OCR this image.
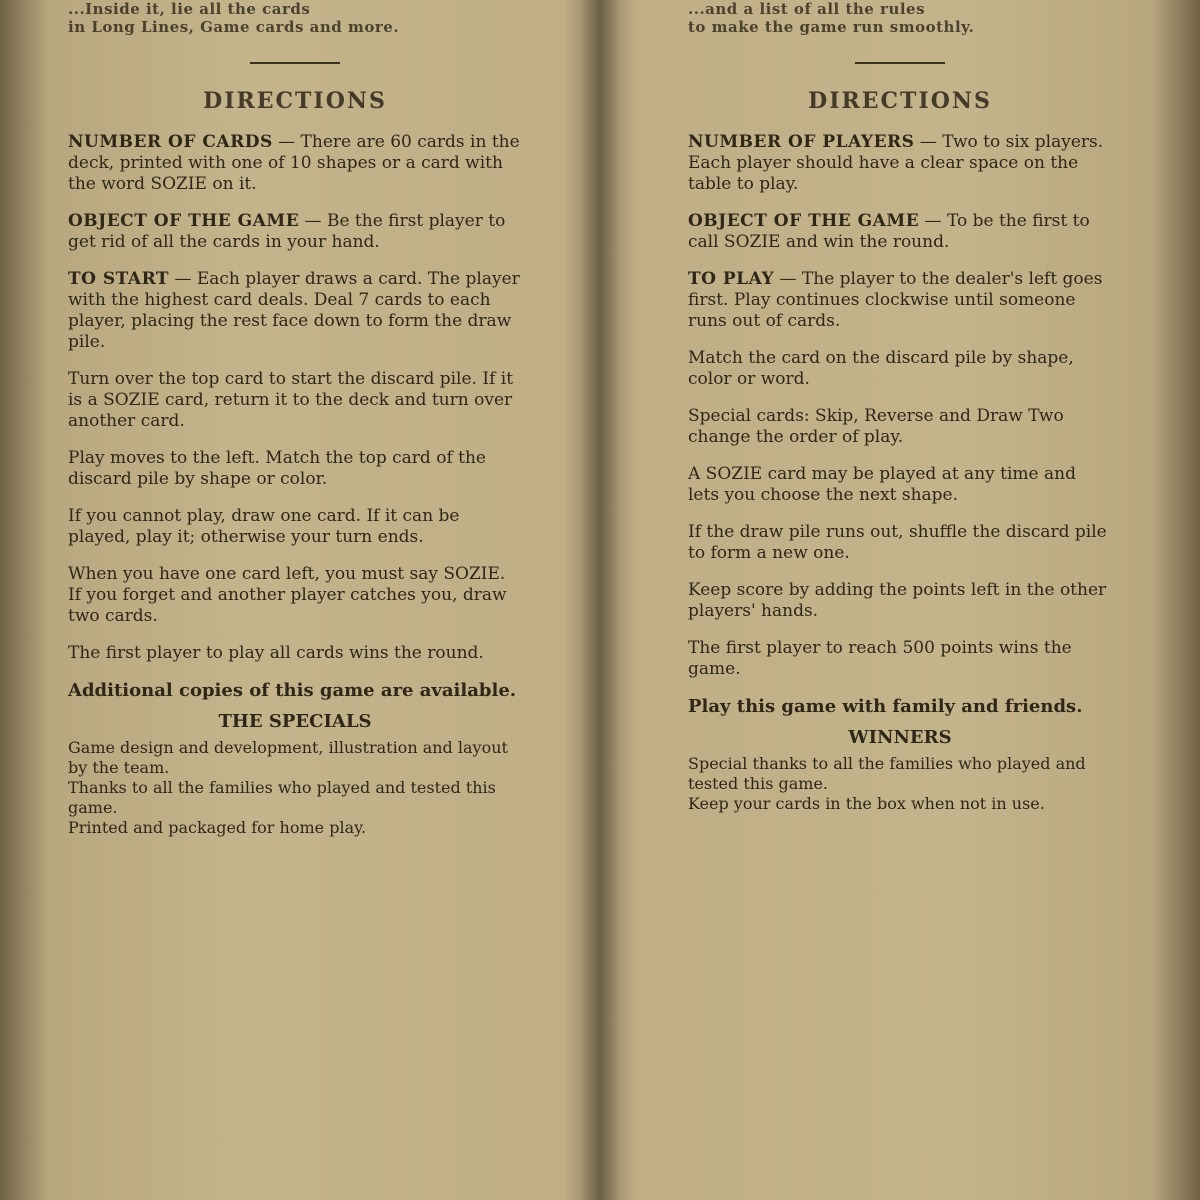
...Inside it, lie all the cards

in Long Lines, Game cards and more.

DIRECTIONS

NUMBER OF CARDS — There are 60 cards in the deck, printed with one of 10 shapes or a card with the word SOZIE on it.

OBJECT OF THE GAME — Be the first player to get rid of all the cards in your hand.

TO START — Each player draws a card. The player with the highest card deals. Deal 7 cards to each player, placing the rest face down to form the draw pile.

Turn over the top card to start the discard pile. If it is a SOZIE card, return it to the deck and turn over another card.

Play moves to the left. Match the top card of the discard pile by shape or color.

If you cannot play, draw one card. If it can be played, play it; otherwise your turn ends.

When you have one card left, you must say SOZIE. If you forget and another player catches you, draw two cards.

The first player to play all cards wins the round.

Additional copies of this game are available.
THE SPECIALS
Game design and development, illustration and layout by the team.
Thanks to all the families who played and tested this game.
Printed and packaged for home play.

...and a list of all the rules

to make the game run smoothly.

DIRECTIONS

NUMBER OF PLAYERS — Two to six players. Each player should have a clear space on the table to play.

OBJECT OF THE GAME — To be the first to call SOZIE and win the round.

TO PLAY — The player to the dealer's left goes first. Play continues clockwise until someone runs out of cards.

Match the card on the discard pile by shape, color or word.

Special cards: Skip, Reverse and Draw Two change the order of play.

A SOZIE card may be played at any time and lets you choose the next shape.

If the draw pile runs out, shuffle the discard pile to form a new one.

Keep score by adding the points left in the other players' hands.

The first player to reach 500 points wins the game.

Play this game with family and friends.
WINNERS
Special thanks to all the families who played and tested this game.
Keep your cards in the box when not in use.
